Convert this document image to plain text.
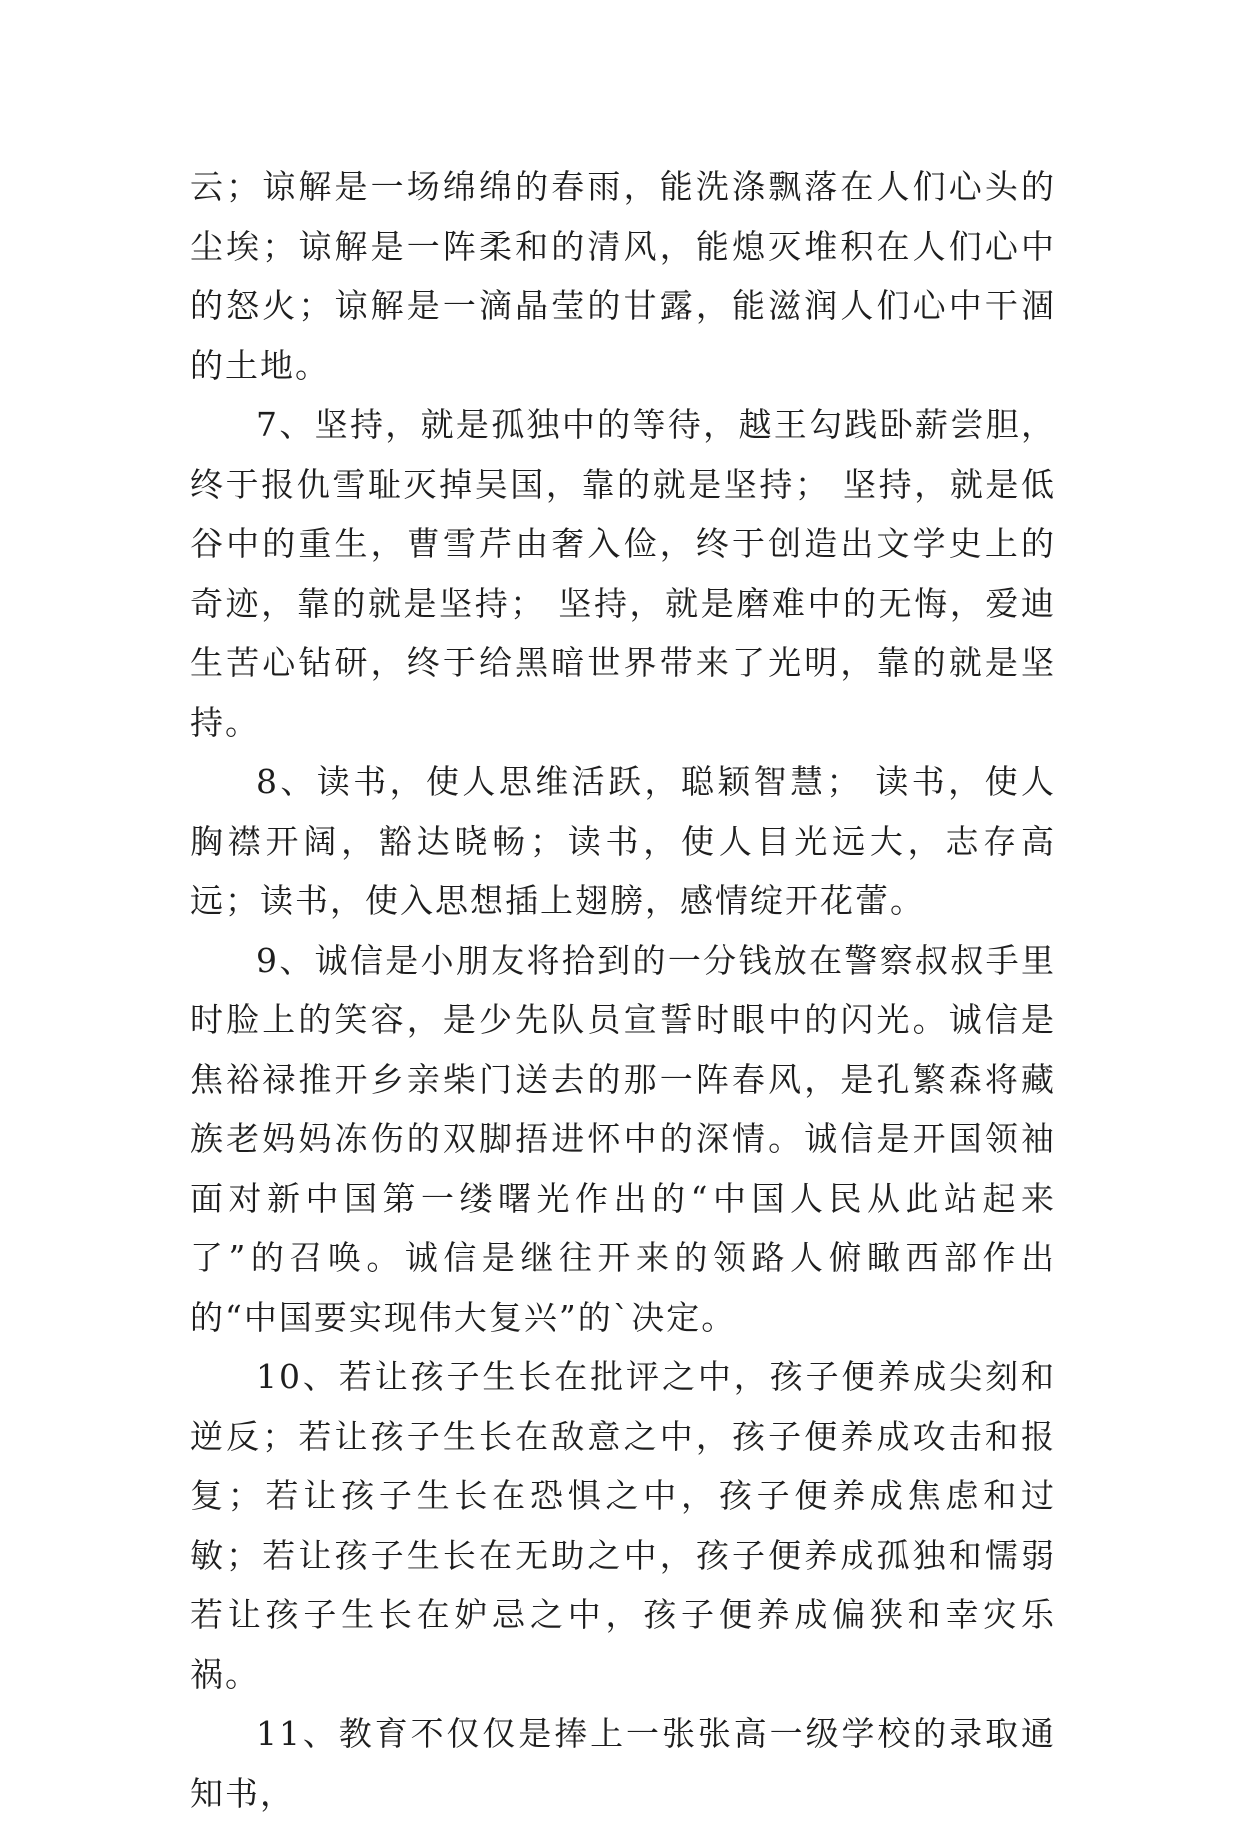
云；谅解是一场绵绵的春雨，能洗涤飘落在人们心头的尘埃；谅解是一阵柔和的清风，能熄灭堆积在人们心中的怒火；谅解是一滴晶莹的甘露，能滋润人们心中干涸的土地。

7、坚持，就是孤独中的等待，越王勾践卧薪尝胆，终于报仇雪耻灭掉吴国，靠的就是坚持； 坚持，就是低谷中的重生，曹雪芹由奢入俭，终于创造出文学史上的奇迹，靠的就是坚持； 坚持，就是磨难中的无悔，爱迪生苦心钻研，终于给黑暗世界带来了光明，靠的就是坚持。

8、读书，使人思维活跃，聪颖智慧； 读书，使人胸襟开阔，豁达晓畅；读书，使人目光远大，志存高远；读书，使入思想插上翅膀，感情绽开花蕾。

9、诚信是小朋友将拾到的一分钱放在警察叔叔手里时脸上的笑容，是少先队员宣誓时眼中的闪光。诚信是焦裕禄推开乡亲柴门送去的那一阵春风，是孔繁森将藏族老妈妈冻伤的双脚捂进怀中的深情。诚信是开国领袖面对新中国第一缕曙光作出的“中国人民从此站起来了”的召唤。诚信是继往开来的领路人俯瞰西部作出的“中国要实现伟大复兴”的`决定。

10、若让孩子生长在批评之中，孩子便养成尖刻和逆反；若让孩子生长在敌意之中，孩子便养成攻击和报复；若让孩子生长在恐惧之中，孩子便养成焦虑和过敏；若让孩子生长在无助之中，孩子便养成孤独和懦弱若让孩子生长在妒忌之中，孩子便养成偏狭和幸灾乐祸。

11、教育不仅仅是捧上一张张高一级学校的录取通知书，
